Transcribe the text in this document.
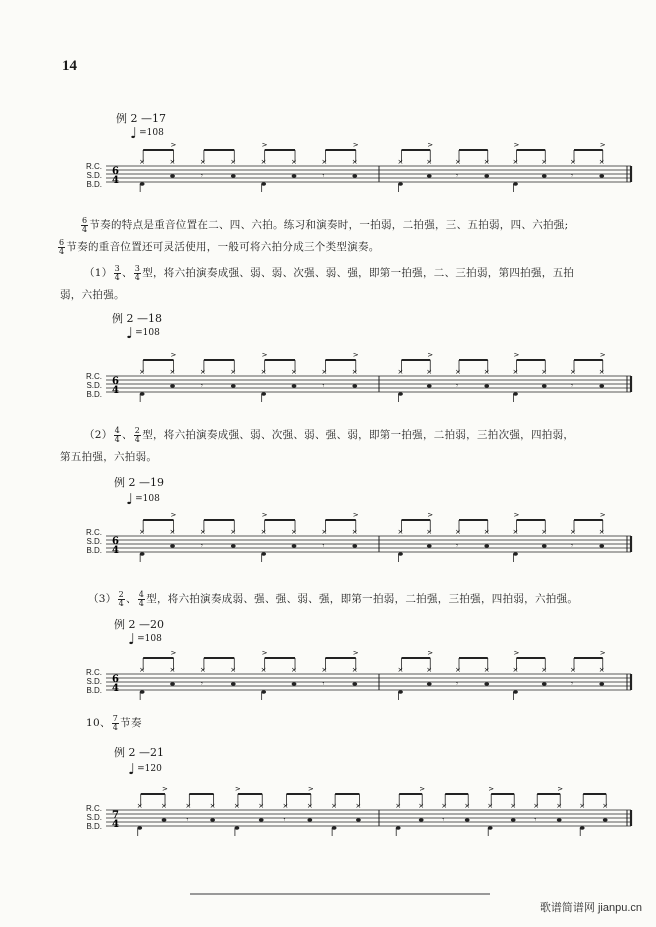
14
例 2 —17
♩ =108
R.C.
S.D.
B.D.
6
4
×	×
>
×
𝄾
×	×
>
×	×
𝄾
×
>
×	×
>
×
𝄾
×	×
>
×	×
𝄾
×
>
$\frac{6}{4}$ 节奏的特点是重音位置在二、四、六拍。练习和演奏时，一拍弱，二拍强，三、五拍弱，四、六拍强;

$\frac{6}{4}$ 节奏的重音位置还可灵活使用，一般可将六拍分成三个类型演奏。
$(1) \frac{3}{4}$ 、 $\frac{3}{4}$ 型，将六拍演奏成强、弱、弱、次强、弱、强，即第一拍强，二、三拍弱，第四拍强，五拍
弱，六拍强。
例 2 —18
♩ =108
R.C.
S.D.
B.D.
6
4
×	×
>
×
𝄾
×	×
>
×	×
𝄾
×
>
×	×
>
×
𝄾
×	×
>
×	×
𝄾
×
>
$(2) \frac{4}{4}$ 、 $\frac{2}{4}$ 型，将六拍演奏成强、弱、次强、弱、强、弱，即第一拍强，二拍弱，三拍次强，四拍弱，
第五拍强，六拍弱。
例 2 —19
♩ =108
R.C.
S.D.
B.D.
6
4
×	×
>
×
𝄾
×	×
>
×	×
𝄾
×
>
×	×
>
×
𝄾
×	×
>
×	×
𝄾
×
>
$(3) \frac{2}{4}$ 、 $\frac{4}{4}$ 型，将六拍演奏成弱、强、强、弱、强，即第一拍弱，二拍强，三拍强，四拍弱，六拍强。
例 2 —20
♩ =108
R.C.
S.D.
B.D.
6
4
×	×
>
×
𝄾
×	×
>
×	×
𝄾
×
>
×	×
>
×
𝄾
×	×
>
×	×
𝄾
×
>
10、 $\frac{7}{4}$ 节奏
例 2 —21
♩ =120
R.C.
S.D.
B.D.
7
4
×	×
>
×
𝄾
×	×
>
×	×
𝄾
×
>
×	×	× ×
>
×
𝄾
× ×
>
× ×
𝄾
×
>
× ×
歌谱简谱网 jianpu.cn
